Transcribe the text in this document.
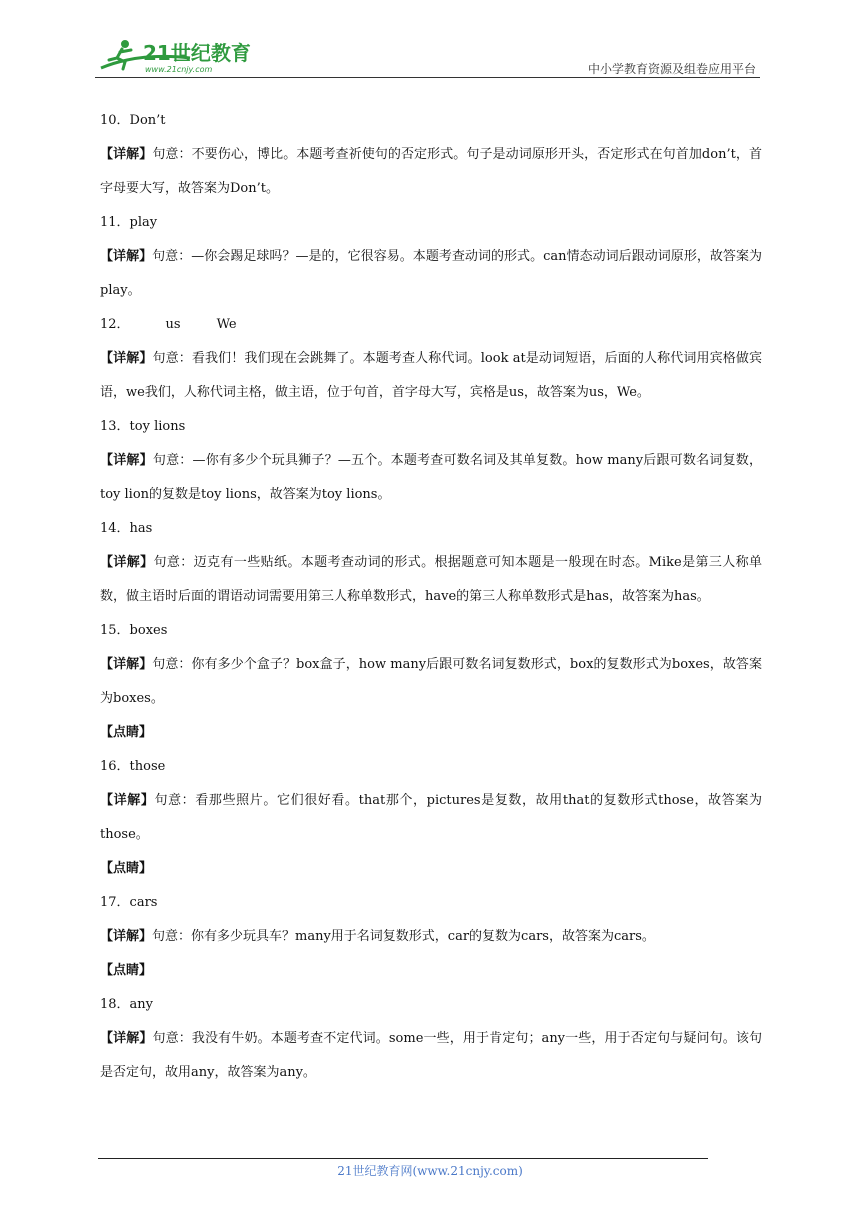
21世纪教育
www.21cnjy.com	中小学教育资源及组卷应用平台
10．Don’t
【详解】句意：不要伤心，博比。本题考查祈使句的否定形式。句子是动词原形开头，否定形式在句首加don’t，首字母要大写，故答案为Don’t。
11．play
【详解】句意：—你会踢足球吗？—是的，它很容易。本题考查动词的形式。can情态动词后跟动词原形，故答案为play。
12．	us	We
【详解】句意：看我们！我们现在会跳舞了。本题考查人称代词。look at是动词短语，后面的人称代词用宾格做宾语，we我们，人称代词主格，做主语，位于句首，首字母大写，宾格是us，故答案为us，We。
13．toy lions
【详解】句意：—你有多少个玩具狮子？—五个。本题考查可数名词及其单复数。how many后跟可数名词复数，toy lion的复数是toy lions，故答案为toy lions。
14．has
【详解】句意：迈克有一些贴纸。本题考查动词的形式。根据题意可知本题是一般现在时态。Mike是第三人称单数，做主语时后面的谓语动词需要用第三人称单数形式，have的第三人称单数形式是has，故答案为has。
15．boxes
【详解】句意：你有多少个盒子？box盒子，how many后跟可数名词复数形式，box的复数形式为boxes，故答案为boxes。
【点睛】
16．those
【详解】句意：看那些照片。它们很好看。that那个，pictures是复数，故用that的复数形式those，故答案为those。
【点睛】
17．cars
【详解】句意：你有多少玩具车？many用于名词复数形式，car的复数为cars，故答案为cars。
【点睛】
18．any
【详解】句意：我没有牛奶。本题考查不定代词。some一些，用于肯定句；any一些，用于否定句与疑问句。该句是否定句，故用any，故答案为any。
21世纪教育网(www.21cnjy.com)
